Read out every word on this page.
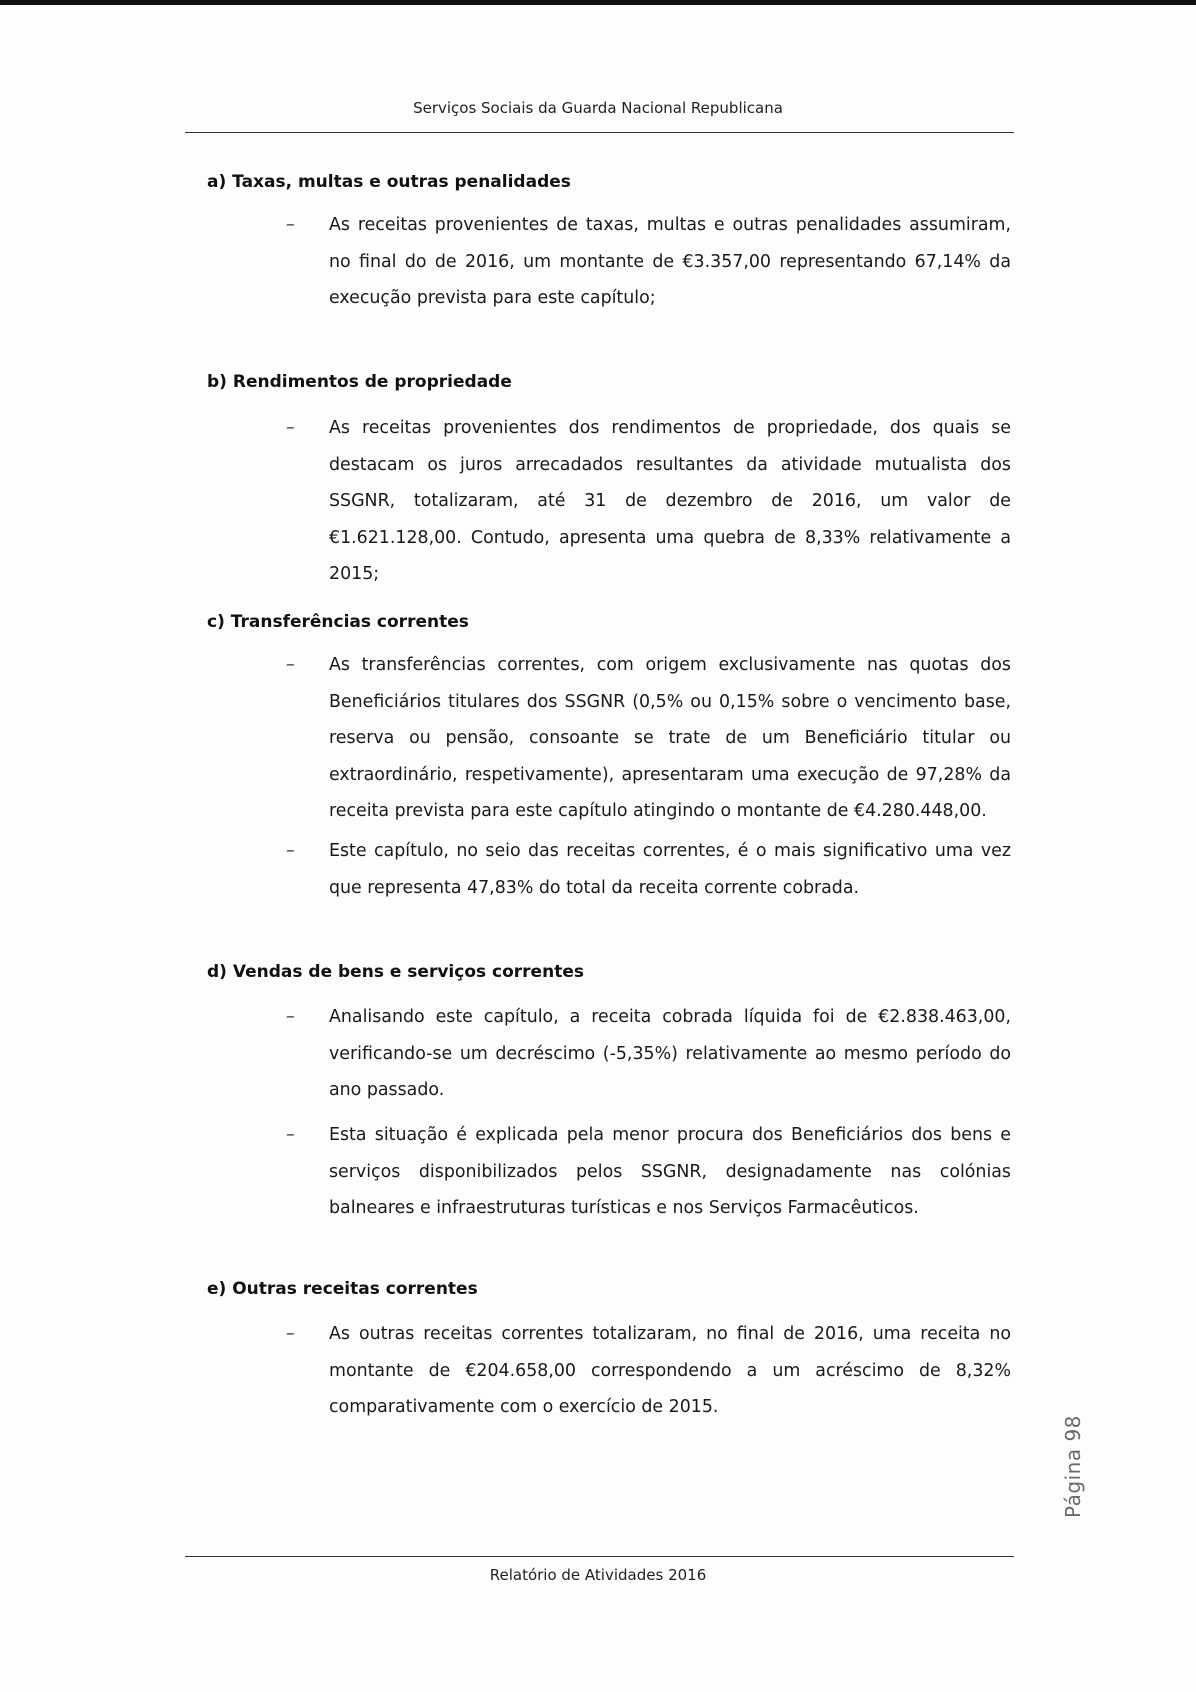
Serviços Sociais da Guarda Nacional Republicana
a) Taxas, multas e outras penalidades
– As receitas provenientes de taxas, multas e outras penalidades assumiram, no final do de 2016, um montante de €3.357,00 representando 67,14% da execução prevista para este capítulo;
b) Rendimentos de propriedade
– As receitas provenientes dos rendimentos de propriedade, dos quais se destacam os juros arrecadados resultantes da atividade mutualista dos SSGNR, totalizaram, até 31 de dezembro de 2016, um valor de €1.621.128,00. Contudo, apresenta uma quebra de 8,33% relativamente a 2015;
c) Transferências correntes
– As transferências correntes, com origem exclusivamente nas quotas dos Beneficiários titulares dos SSGNR (0,5% ou 0,15% sobre o vencimento base, reserva ou pensão, consoante se trate de um Beneficiário titular ou extraordinário, respetivamente), apresentaram uma execução de 97,28% da receita prevista para este capítulo atingindo o montante de €4.280.448,00.
– Este capítulo, no seio das receitas correntes, é o mais significativo uma vez que representa 47,83% do total da receita corrente cobrada.
d) Vendas de bens e serviços correntes
– Analisando este capítulo, a receita cobrada líquida foi de €2.838.463,00, verificando-se um decréscimo (-5,35%) relativamente ao mesmo período do ano passado.
– Esta situação é explicada pela menor procura dos Beneficiários dos bens e serviços disponibilizados pelos SSGNR, designadamente nas colónias balneares e infraestruturas turísticas e nos Serviços Farmacêuticos.
e) Outras receitas correntes
– As outras receitas correntes totalizaram, no final de 2016, uma receita no montante de €204.658,00 correspondendo a um acréscimo de 8,32% comparativamente com o exercício de 2015.
Página 98
Relatório de Atividades 2016
